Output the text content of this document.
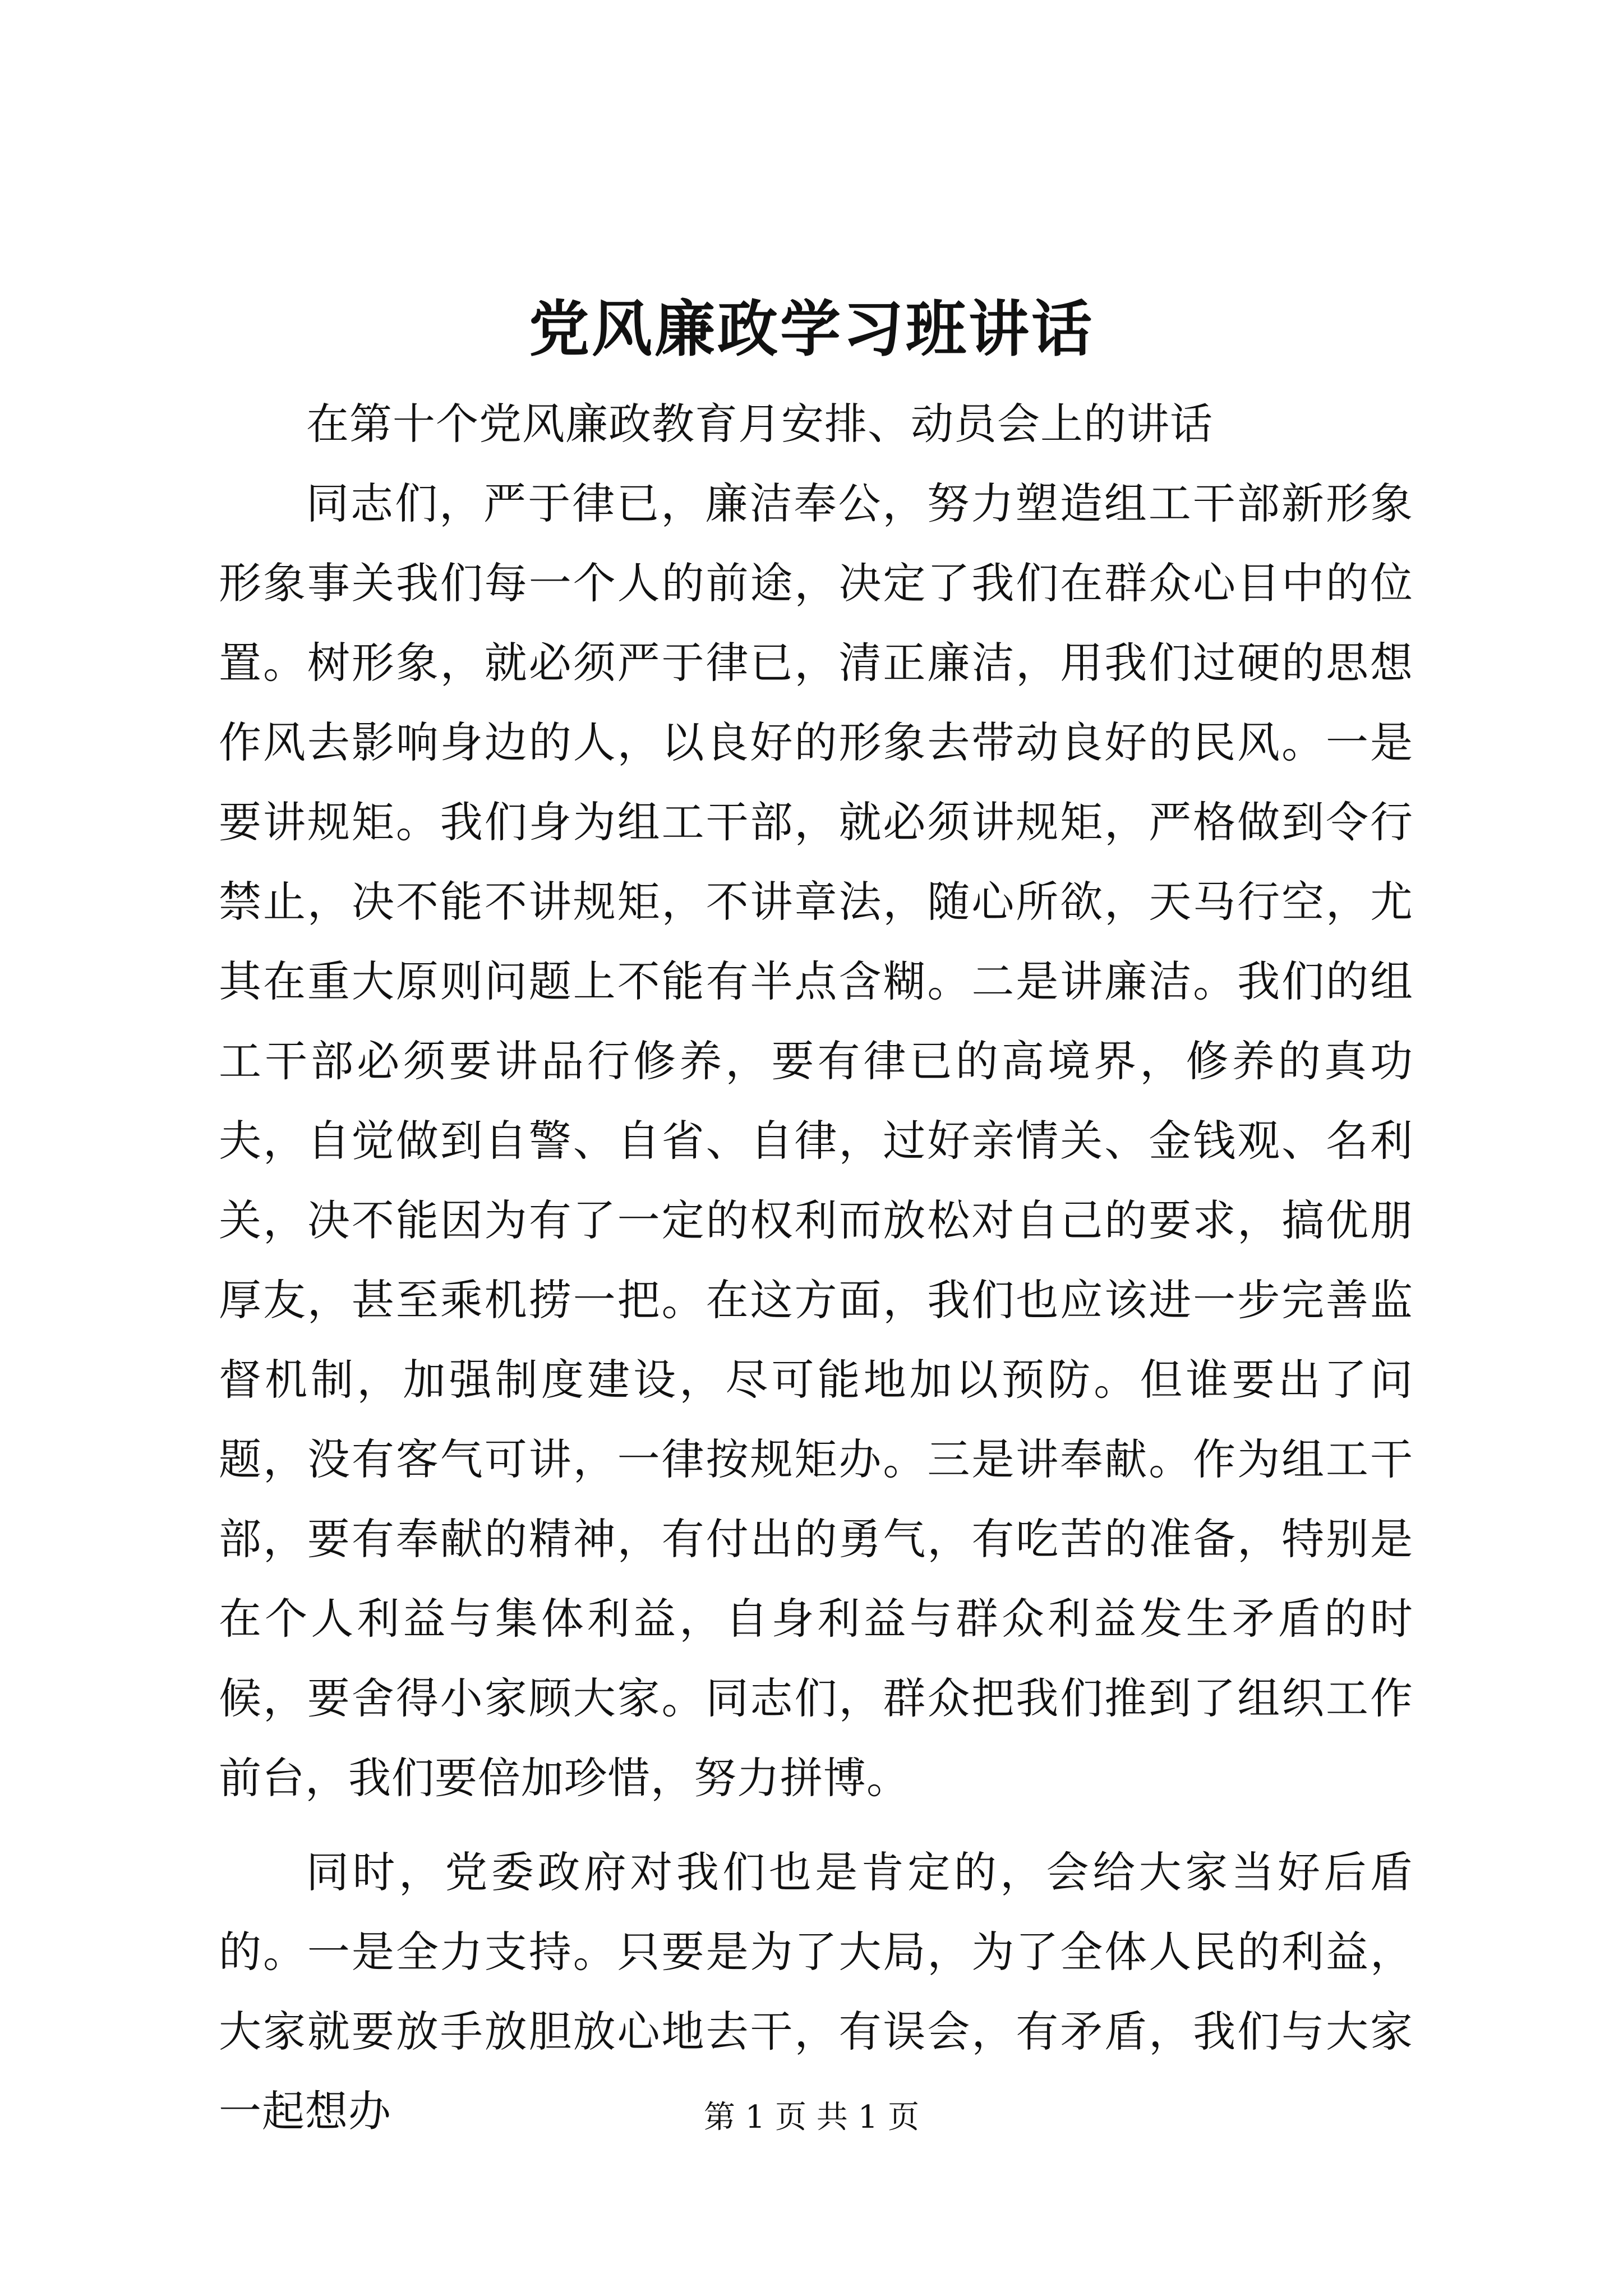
党风廉政学习班讲话

在第十个党风廉政教育月安排、动员会上的讲话

同志们，严于律已，廉洁奉公，努力塑造组工干部新形象形象事关我们每一个人的前途，决定了我们在群众心目中的位置。树形象，就必须严于律已，清正廉洁，用我们过硬的思想作风去影响身边的人，以良好的形象去带动良好的民风。一是要讲规矩。我们身为组工干部，就必须讲规矩，严格做到令行禁止，决不能不讲规矩，不讲章法，随心所欲，天马行空，尤其在重大原则问题上不能有半点含糊。二是讲廉洁。我们的组工干部必须要讲品行修养，要有律已的高境界，修养的真功夫，自觉做到自警、自省、自律，过好亲情关、金钱观、名利关，决不能因为有了一定的权利而放松对自己的要求，搞优朋厚友，甚至乘机捞一把。在这方面，我们也应该进一步完善监督机制，加强制度建设，尽可能地加以预防。但谁要出了问题，没有客气可讲，一律按规矩办。三是讲奉献。作为组工干部，要有奉献的精神，有付出的勇气，有吃苦的准备，特别是在个人利益与集体利益，自身利益与群众利益发生矛盾的时候，要舍得小家顾大家。同志们，群众把我们推到了组织工作前台，我们要倍加珍惜，努力拼博。

同时，党委政府对我们也是肯定的，会给大家当好后盾的。一是全力支持。只要是为了大局，为了全体人民的利益，大家就要放手放胆放心地去干，有误会，有矛盾，我们与大家一起想办	第 1 页 共 1 页
